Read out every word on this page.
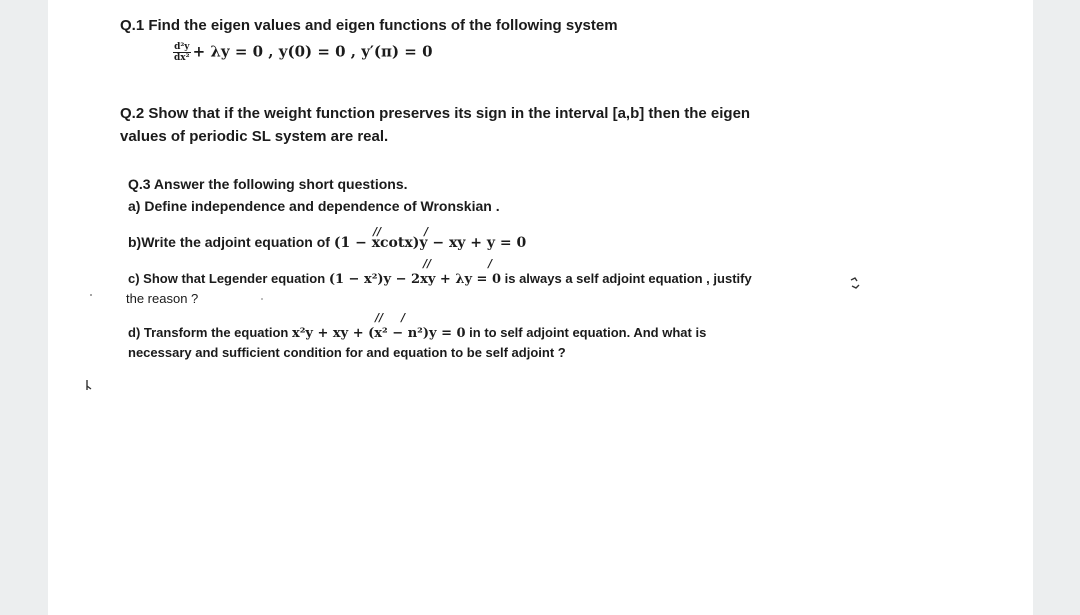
Q.1 Find the eigen values and eigen functions of the following system
$\frac{\text{d²y}}{\text{dx²}} + \lambda y = 0$ , y(0) = 0 , y′(π) = 0
Q.2 Show that if the weight function preserves its sign in the interval [a,b] then the eigen
values of periodic SL system are real.
Q.3 Answer the following short questions.
a) Define independence and dependence of Wronskian .
//	/
b)Write the adjoint equation of (1 − xcotx)y − xy + y = 0
//	/
c) Show that Legender equation (1 − x²)y − 2xy + λy = 0 is always a self adjoint equation , justify
the reason ?
// /
d) Transform the equation x²y + xy + (x² − n²)y = 0 in to self adjoint equation. And what is
necessary and sufficient condition for and equation to be self adjoint ?
